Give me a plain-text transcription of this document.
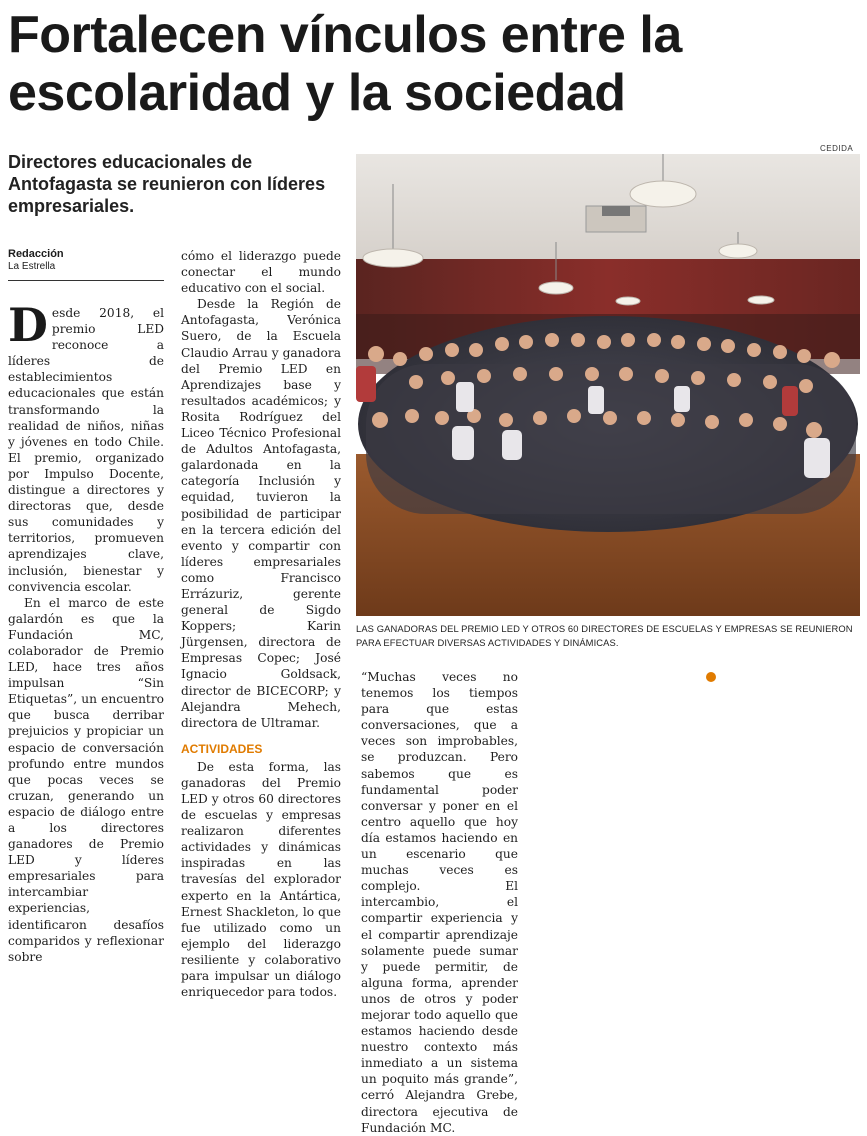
Fortalecen vínculos entre la
escolaridad y la sociedad
Directores educacionales de Antofagasta se reunieron con líderes empresariales.
CEDIDA
Redacción
La Estrella

Desde 2018, el premio LED reconoce a líderes de establecimientos educacionales que están transformando la realidad de niños, niñas y jóvenes en todo Chile. El premio, organizado por Impulso Docente, distingue a directores y directoras que, desde sus comunidades y territorios, promueven aprendizajes clave, inclusión, bienestar y convivencia escolar.

En el marco de este galardón es que la Fundación MC, colaborador de Premio LED, hace tres años impulsan “Sin Etiquetas”, un encuentro que busca derribar prejuicios y propiciar un espacio de conversación profundo entre mundos que pocas veces se cruzan, generando un espacio de diálogo entre a los directores ganadores de Premio LED y líderes empresariales para intercambiar experiencias, identificaron desafíos comparidos y reflexionar sobre

cómo el liderazgo puede conectar el mundo educativo con el social.

Desde la Región de Antofagasta, Verónica Suero, de la Escuela Claudio Arrau y ganadora del Premio LED en Aprendizajes base y resultados académicos; y Rosita Rodríguez del Liceo Técnico Profesional de Adultos Antofagasta, galardonada en la categoría Inclusión y equidad, tuvieron la posibilidad de participar en la tercera edición del evento y compartir con líderes empresariales como Francisco Errázuriz, gerente general de Sigdo Koppers; Karin Jürgensen, directora de Empresas Copec; José Ignacio Goldsack, director de BICECORP; y Alejandra Mehech, directora de Ultramar.

ACTIVIDADES

De esta forma, las ganadoras del Premio LED y otros 60 directores de escuelas y empresas realizaron diferentes actividades y dinámicas inspiradas en las travesías del explorador experto en la Antártica, Ernest Shackleton, lo que fue utilizado como un ejemplo del liderazgo resiliente y colaborativo para impulsar un diálogo enriquecedor para todos.

“Muchas veces no tenemos los tiempos para que estas conversaciones, que a veces son improbables, se produzcan. Pero sabemos que es fundamental poder conversar y poner en el centro aquello que hoy día estamos haciendo en un escenario que muchas veces es complejo. El intercambio, el compartir experiencia y el compartir aprendizaje solamente puede sumar y puede permitir, de alguna forma, aprender unos de otros y poder mejorar todo aquello que estamos haciendo desde nuestro contexto más inmediato a un sistema un poquito más grande”, cerró Alejandra Grebe, directora ejecutiva de Fundación MC.

LAS GANADORAS DEL PREMIO LED Y OTROS 60 DIRECTORES DE ESCUELAS Y EMPRESAS SE REUNIERON
PARA EFECTUAR DIVERSAS ACTIVIDADES Y DINÁMICAS.
